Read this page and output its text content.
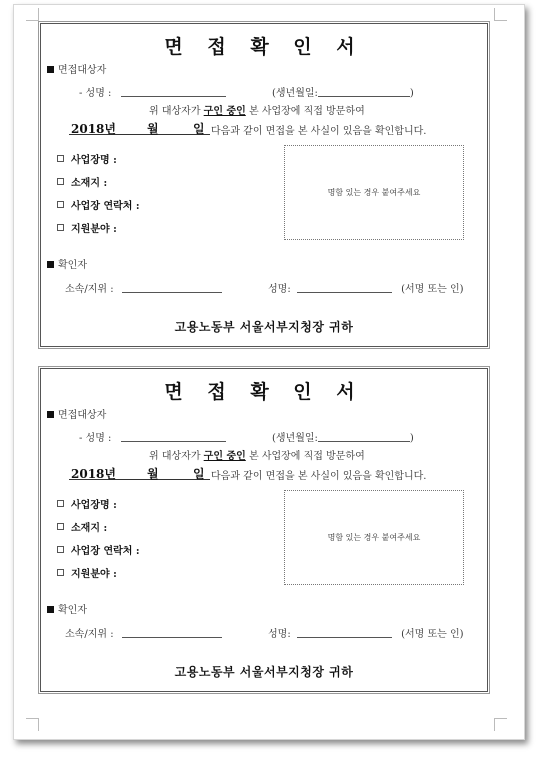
면 접 확 인 서
면접대상자
- 성명 :	(생년월일:	)
위 대상자가 구인 중인 본 사업장에 직접 방문하여
2018년	월	일 다음과 같이 면접을 본 사실이 있음을 확인합니다.
사업장명 :
소재지 :
사업장 연락처 :
지원분야 :
명함 있는 경우 붙여주세요
확인자
소속/지위 :	성명:	(서명 또는 인)
고용노동부 서울서부지청장 귀하
면 접 확 인 서
면접대상자
- 성명 :	(생년월일:	)
위 대상자가 구인 중인 본 사업장에 직접 방문하여
2018년	월	일 다음과 같이 면접을 본 사실이 있음을 확인합니다.
사업장명 :
소재지 :
사업장 연락처 :
지원분야 :
명함 있는 경우 붙여주세요
확인자
소속/지위 :	성명:	(서명 또는 인)
고용노동부 서울서부지청장 귀하
